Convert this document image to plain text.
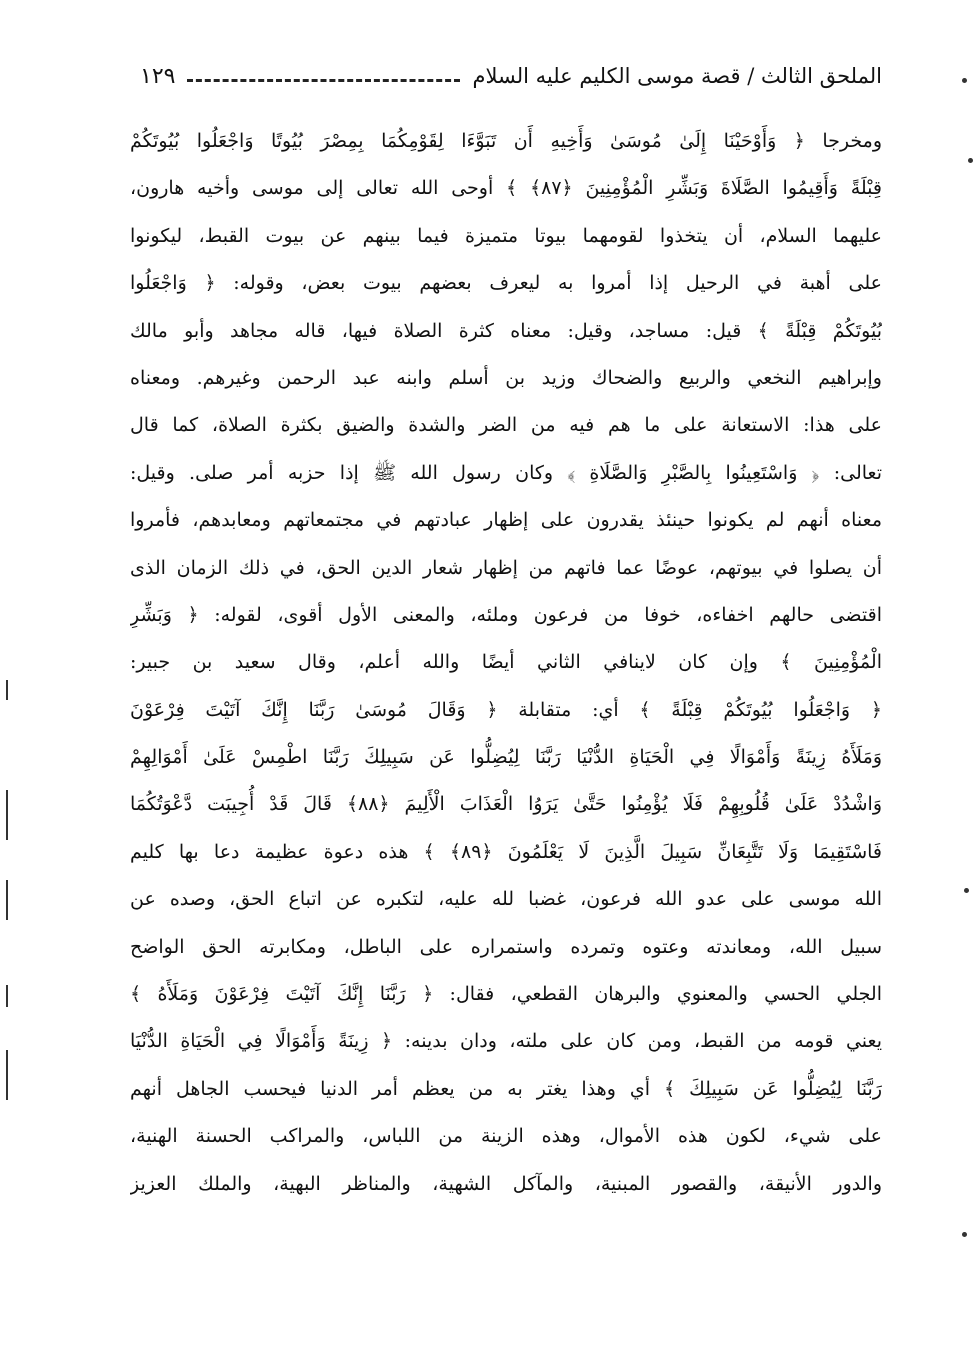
الملحق الثالث / قصة موسى الكليم عليه السلام
١٢٩
ومخرجا ﴿ وَأَوْحَيْنَا إِلَىٰ مُوسَىٰ وَأَخِيهِ أَن تَبَوَّءَا لِقَوْمِكُمَا بِمِصْرَ بُيُوتًا وَاجْعَلُوا بُيُوتَكُمْ
قِبْلَةً وَأَقِيمُوا الصَّلَاةَ وَبَشِّرِ الْمُؤْمِنِينَ ﴿٨٧﴾ ﴾ أوحى الله تعالى إلى موسى وأخيه هارون،
عليهما السلام، أن يتخذوا لقومهما بيوتا متميزة فيما بينهم عن بيوت القبط، ليكونوا
على أهبة في الرحيل إذا أمروا به ليعرف بعضهم بيوت بعض، وقوله: ﴿ وَاجْعَلُوا
بُيُوتَكُمْ قِبْلَةً ﴾ قيل: مساجد، وقيل: معناه كثرة الصلاة فيها، قاله مجاهد وأبو مالك
وإبراهيم النخعي والربيع والضحاك وزيد بن أسلم وابنه عبد الرحمن وغيرهم. ومعناه
على هذا: الاستعانة على ما هم فيه من الضر والشدة والضيق بكثرة الصلاة، كما قال
تعالى: ﴿ وَاسْتَعِينُوا بِالصَّبْرِ وَالصَّلَاةِ ﴾ وكان رسول الله ﷺ إذا حزبه أمر صلى. وقيل:
معناه أنهم لم يكونوا حينئذ يقدرون على إظهار عبادتهم في مجتمعاتهم ومعابدهم، فأمروا
أن يصلوا في بيوتهم، عوضًا عما فاتهم من إظهار شعار الدين الحق، في ذلك الزمان الذى
اقتضى حالهم اخفاءه، خوفا من فرعون وملئه، والمعنى الأول أقوى، لقوله: ﴿ وَبَشِّرِ
الْمُؤْمِنِينَ ﴾ وإن كان لاينافي الثاني أيضًا والله أعلم، وقال سعيد بن جبير:
﴿ وَاجْعَلُوا بُيُوتَكُمْ قِبْلَةً ﴾ أي: متقابلة ﴿ وَقَالَ مُوسَىٰ رَبَّنَا إِنَّكَ آتَيْتَ فِرْعَوْنَ
وَمَلَأَهُ زِينَةً وَأَمْوَالًا فِي الْحَيَاةِ الدُّنْيَا رَبَّنَا لِيُضِلُّوا عَن سَبِيلِكَ رَبَّنَا اطْمِسْ عَلَىٰ أَمْوَالِهِمْ
وَاشْدُدْ عَلَىٰ قُلُوبِهِمْ فَلَا يُؤْمِنُوا حَتَّىٰ يَرَوُا الْعَذَابَ الْأَلِيمَ ﴿٨٨﴾ قَالَ قَدْ أُجِيبَت دَّعْوَتُكُمَا
فَاسْتَقِيمَا وَلَا تَتَّبِعَانِّ سَبِيلَ الَّذِينَ لَا يَعْلَمُونَ ﴿٨٩﴾ ﴾ هذه دعوة عظيمة دعا بها كليم
الله موسى على عدو الله فرعون، غضبا لله عليه، لتكبره عن اتباع الحق، وصده عن
سبيل الله، ومعاندته وعتوه وتمرده واستمراره على الباطل، ومكابرته الحق الواضح
الجلي الحسي والمعنوي والبرهان القطعي، فقال: ﴿ رَبَّنَا إِنَّكَ آتَيْتَ فِرْعَوْنَ وَمَلَأَهُ ﴾
يعني قومه من القبط، ومن كان على ملته، ودان بدينه: ﴿ زِينَةً وَأَمْوَالًا فِي الْحَيَاةِ الدُّنْيَا
رَبَّنَا لِيُضِلُّوا عَن سَبِيلِكَ ﴾ أي وهذا يغتر به من يعظم أمر الدنيا فيحسب الجاهل أنهم
على شيء، لكون هذه الأموال، وهذه الزينة من اللباس، والمراكب الحسنة الهنية،
والدور الأنيقة، والقصور المبنية، والمآكل الشهية، والمناظر البهية، والملك العزيز
